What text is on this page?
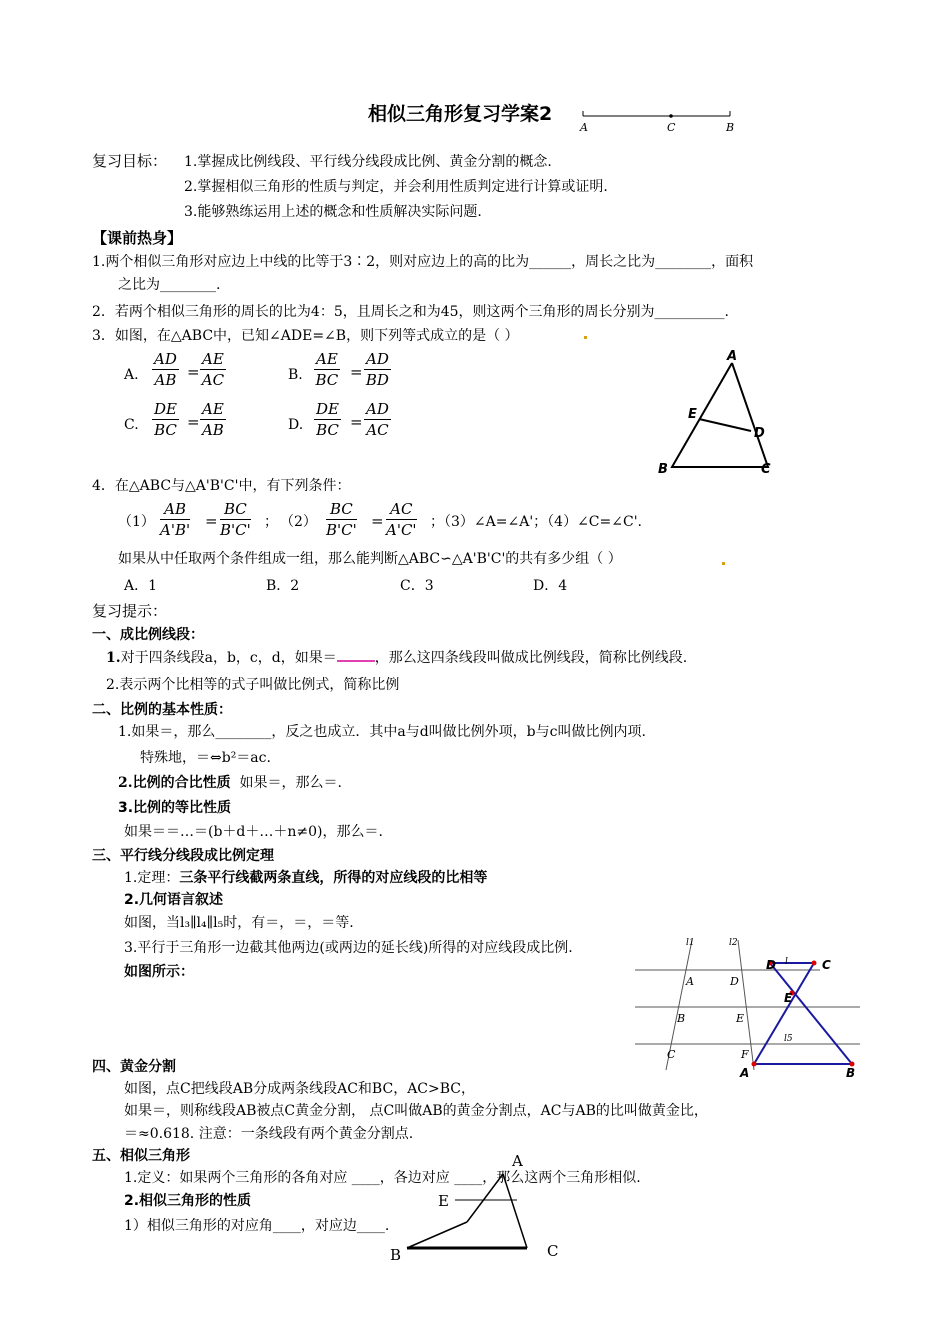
相似三角形复习学案2
A	C	B
复习目标： 1.掌握成比例线段、平行线分线段成比例、黄金分割的概念.
2.掌握相似三角形的性质与判定，并会利用性质判定进行计算或证明.
3.能够熟练运用上述的概念和性质解决实际问题.
【课前热身】
1.两个相似三角形对应边上中线的比等于3∶2，则对应边上的高的比为______，周长之比为________，面积
之比为________.
2．若两个相似三角形的周长的比为4：5，且周长之和为45，则这两个三角形的周长分别为__________.
3．如图，在△ABC中，已知∠ADE=∠B，则下列等式成立的是（ ）
A. $\frac{AD}{AB} = \frac{AE}{AC}$	B. $\frac{AE}{BC} = \frac{AD}{BD}$
C. $\frac{DE}{BC} = \frac{AE}{AB}$	D. $\frac{DE}{BC} = \frac{AD}{AC}$
A
E
D
B	C
4．在△ABC与△A'B'C'中，有下列条件：
$(1) \frac{AB}{A'B'} = \frac{BC}{B'C'}$ ； $(2) \frac{BC}{B'C'} = \frac{AC}{A'C'}$ ；（3）∠A=∠A'；（4）∠C=∠C'.
如果从中任取两个条件组成一组，那么能判断△ABC∽△A'B'C'的共有多少组（ ）
A．1	B．2	C．3	D．4
复习提示：
一、成比例线段：
1.对于四条线段a，b，c，d，如果＝	，那么这四条线段叫做成比例线段，简称比例线段.
2.表示两个比相等的式子叫做比例式，简称比例
二、比例的基本性质：
1.如果＝，那么________，反之也成立．其中a与d叫做比例外项，b与c叫做比例内项.
特殊地，＝⇔b²＝ac.
2.比例的合比性质 如果＝，那么＝.
3.比例的等比性质
如果＝＝…＝(b＋d＋…＋n≠0)，那么＝.
三、平行线分线段成比例定理
1.定理：三条平行线截两条直线，所得的对应线段的比相等
2.几何语言叙述
如图，当l₃∥l₄∥l₅时，有＝，＝，＝等.
3.平行于三角形一边截其他两边(或两边的延长线)所得的对应线段成比例.
如图所示：
l1	l2
A	D
B	E
C	F
l5
D	C
l
E
A	B
四、黄金分割
如图，点C把线段AB分成两条线段AC和BC，AC>BC，
如果＝，则称线段AB被点C黄金分割， 点C叫做AB的黄金分割点，AC与AB的比叫做黄金比，
＝≈0.618. 注意：一条线段有两个黄金分割点.
五、相似三角形
1.定义：如果两个三角形的各角对应 ____，各边对应 ____，那么这两个三角形相似.
2.相似三角形的性质
1）相似三角形的对应角____，对应边____.
A
E
B	C
